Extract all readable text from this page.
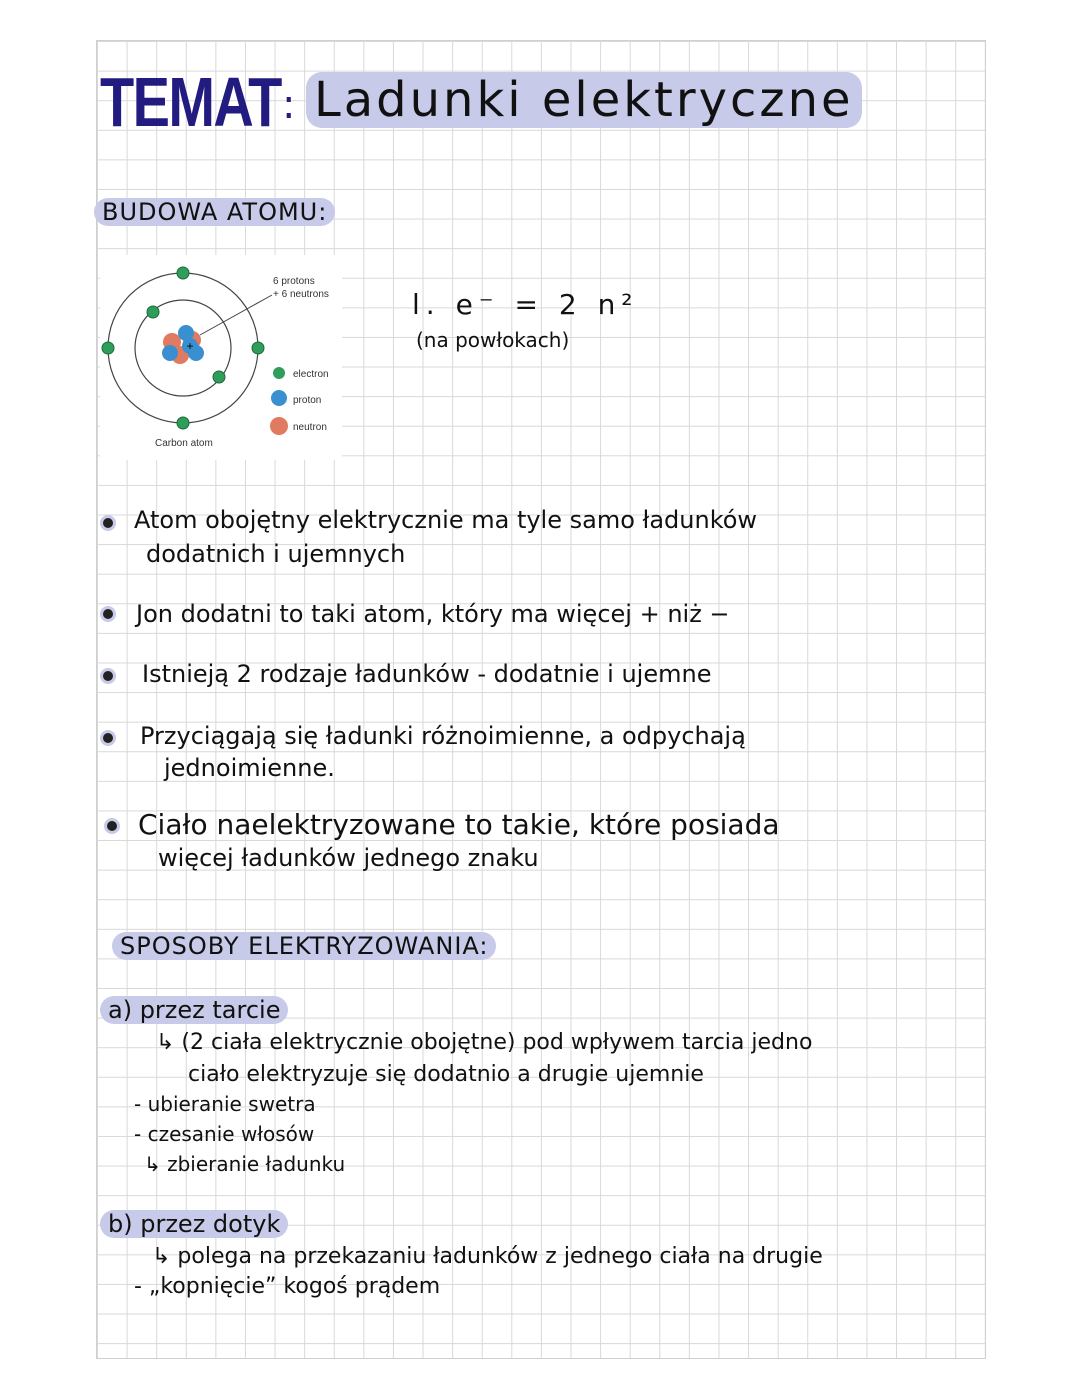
TEMAT : Ladunki elektryczne
BUDOWA ATOMU:
+
6 protons
+ 6 neutrons
electron
proton
neutron
Carbon atom
l. e⁻ = 2 n²
(na powłokach)
Atom obojętny elektrycznie ma tyle samo ładunków
dodatnich i ujemnych
Jon dodatni to taki atom, który ma więcej + niż −
Istnieją 2 rodzaje ładunków - dodatnie i ujemne
Przyciągają się ładunki różnoimienne, a odpychają
jednoimienne.
Ciało naelektryzowane to takie, które posiada
więcej ładunków jednego znaku
SPOSOBY ELEKTRYZOWANIA:
a) przez tarcie
↳ (2 ciała elektrycznie obojętne) pod wpływem tarcia jedno
ciało elektryzuje się dodatnio a drugie ujemnie
- ubieranie swetra
- czesanie włosów
↳ zbieranie ładunku
b) przez dotyk
↳ polega na przekazaniu ładunków z jednego ciała na drugie
- „kopnięcie” kogoś prądem
